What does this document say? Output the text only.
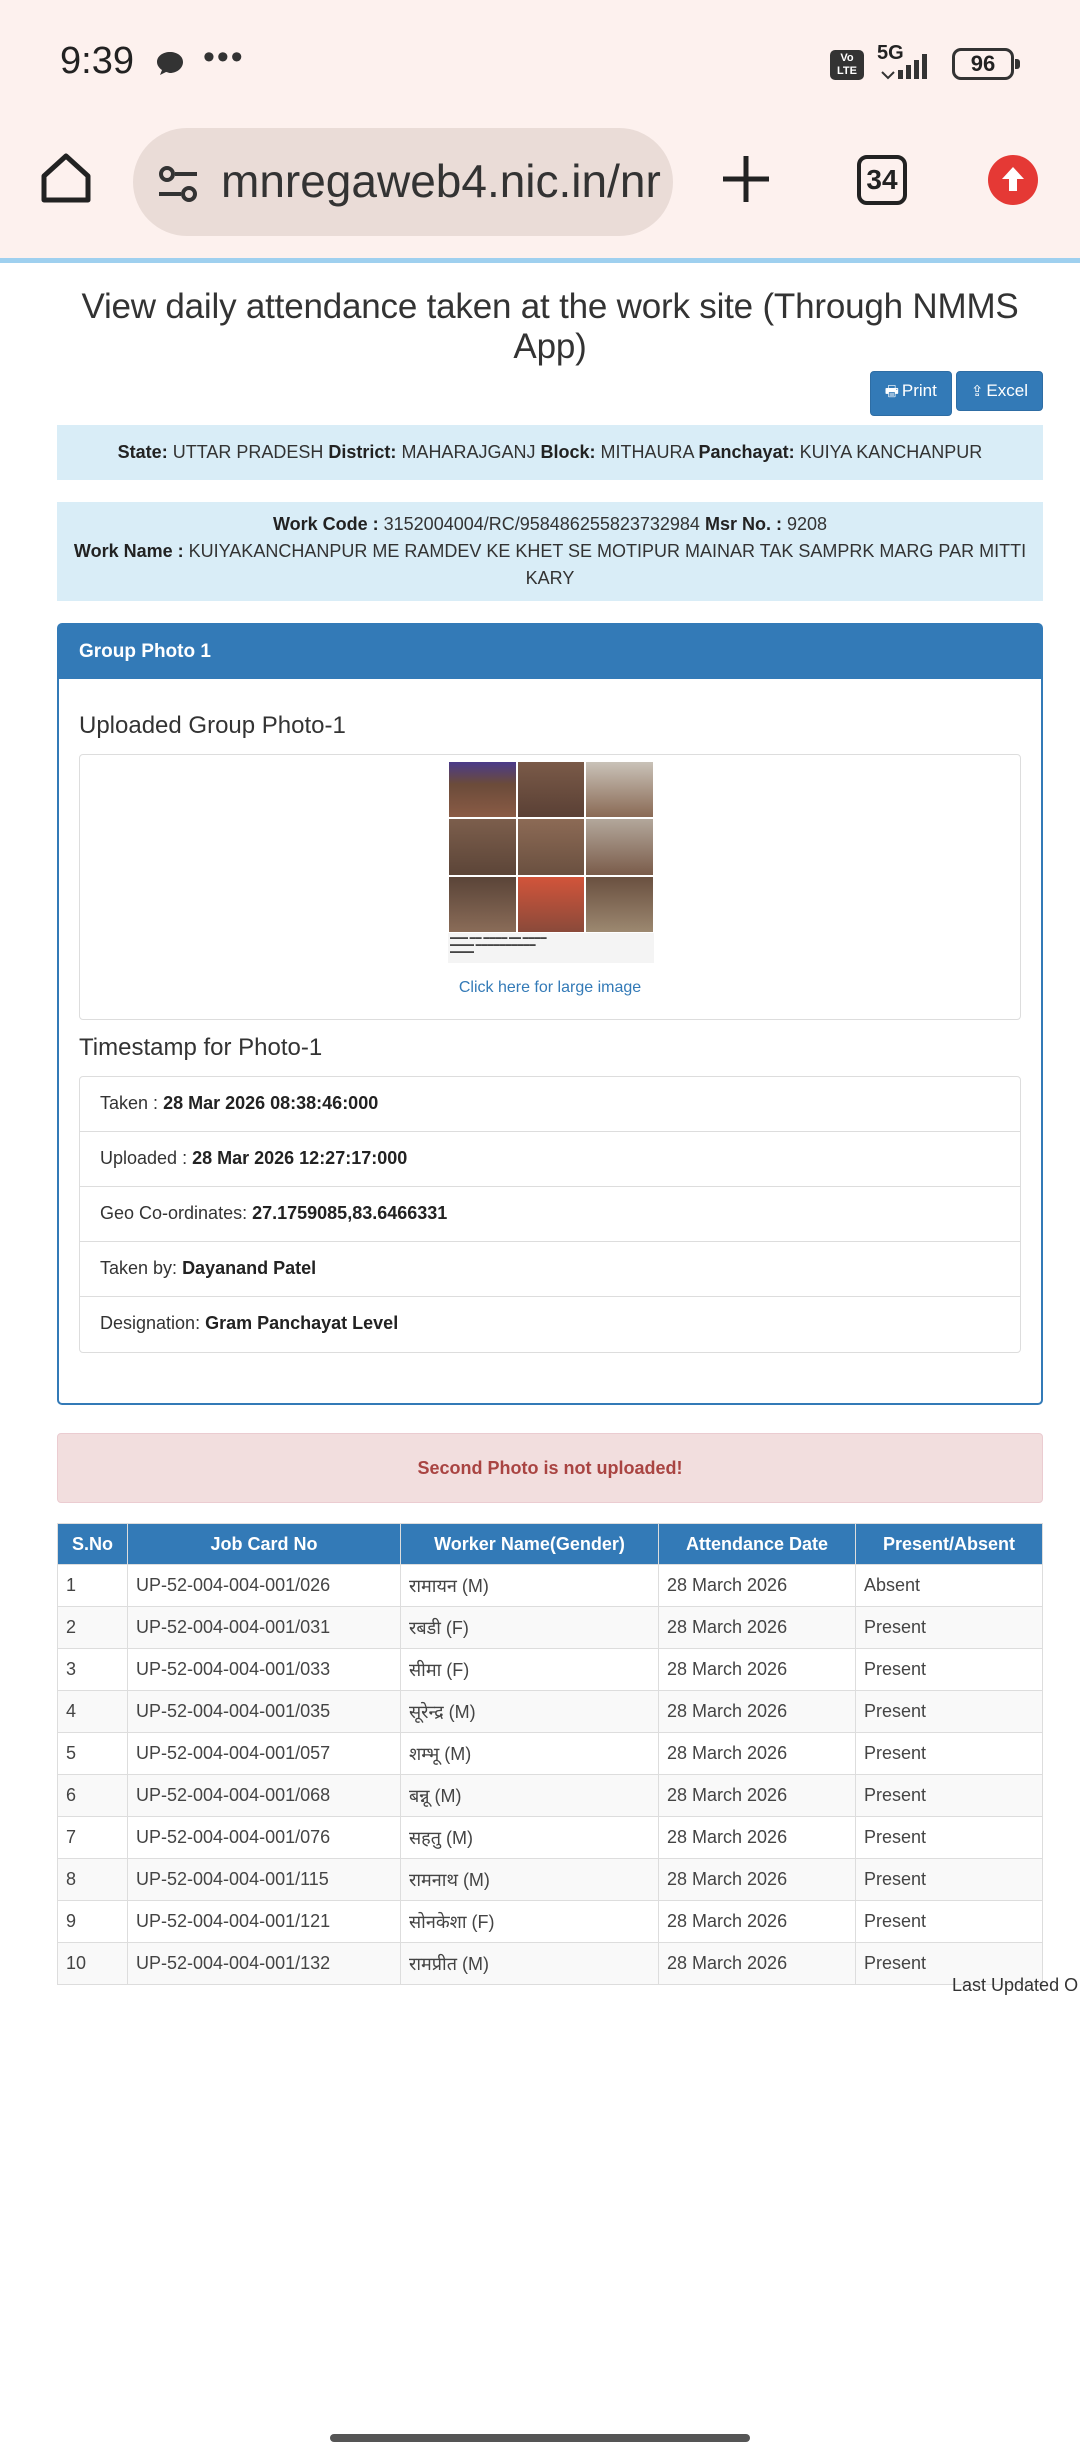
9:39 •••	Vo LTE
5G	96
mnregaweb4.nic.in/nr	34
View daily attendance taken at the work site (Through NMMS App)
🖶 Print ⇪ Excel
State: UTTAR PRADESH District: MAHARAJGANJ Block: MITHAURA Panchayat: KUIYA KANCHANPUR
Work Code : 3152004004/RC/958486255823732984 Msr No. : 9208
Work Name : KUIYAKANCHANPUR ME RAMDEV KE KHET SE MOTIPUR MAINAR TAK SAMPRK MARG PAR MITTI KARY
Group Photo 1
Uploaded Group Photo-1
▬▬▬ ▬▬ ▬▬▬▬ ▬▬ ▬▬▬▬
▬▬▬▬ ▬▬▬▬▬▬▬▬▬▬
▬▬▬▬
Click here for large image
Timestamp for Photo-1
Taken : 28 Mar 2026 08:38:46:000
Uploaded : 28 Mar 2026 12:27:17:000
Geo Co-ordinates: 27.1759085,83.6466331
Taken by: Dayanand Patel
Designation: Gram Panchayat Level
Second Photo is not uploaded!
S.No	Job Card No	Worker Name(Gender)	Attendance Date	Present/Absent
1	UP-52-004-004-001/026	रामायन (M)	28 March 2026	Absent
2	UP-52-004-004-001/031	रबडी (F)	28 March 2026	Present
3	UP-52-004-004-001/033	सीमा (F)	28 March 2026	Present
4	UP-52-004-004-001/035	सूरेन्द्र (M)	28 March 2026	Present
5	UP-52-004-004-001/057	शम्भू (M)	28 March 2026	Present
6	UP-52-004-004-001/068	बन्नू (M)	28 March 2026	Present
7	UP-52-004-004-001/076	सहतु (M)	28 March 2026	Present
8	UP-52-004-004-001/115	रामनाथ (M)	28 March 2026	Present
9	UP-52-004-004-001/121	सोनकेशा (F)	28 March 2026	Present
10	UP-52-004-004-001/132	रामप्रीत (M)	28 March 2026	Present
Last Updated O
